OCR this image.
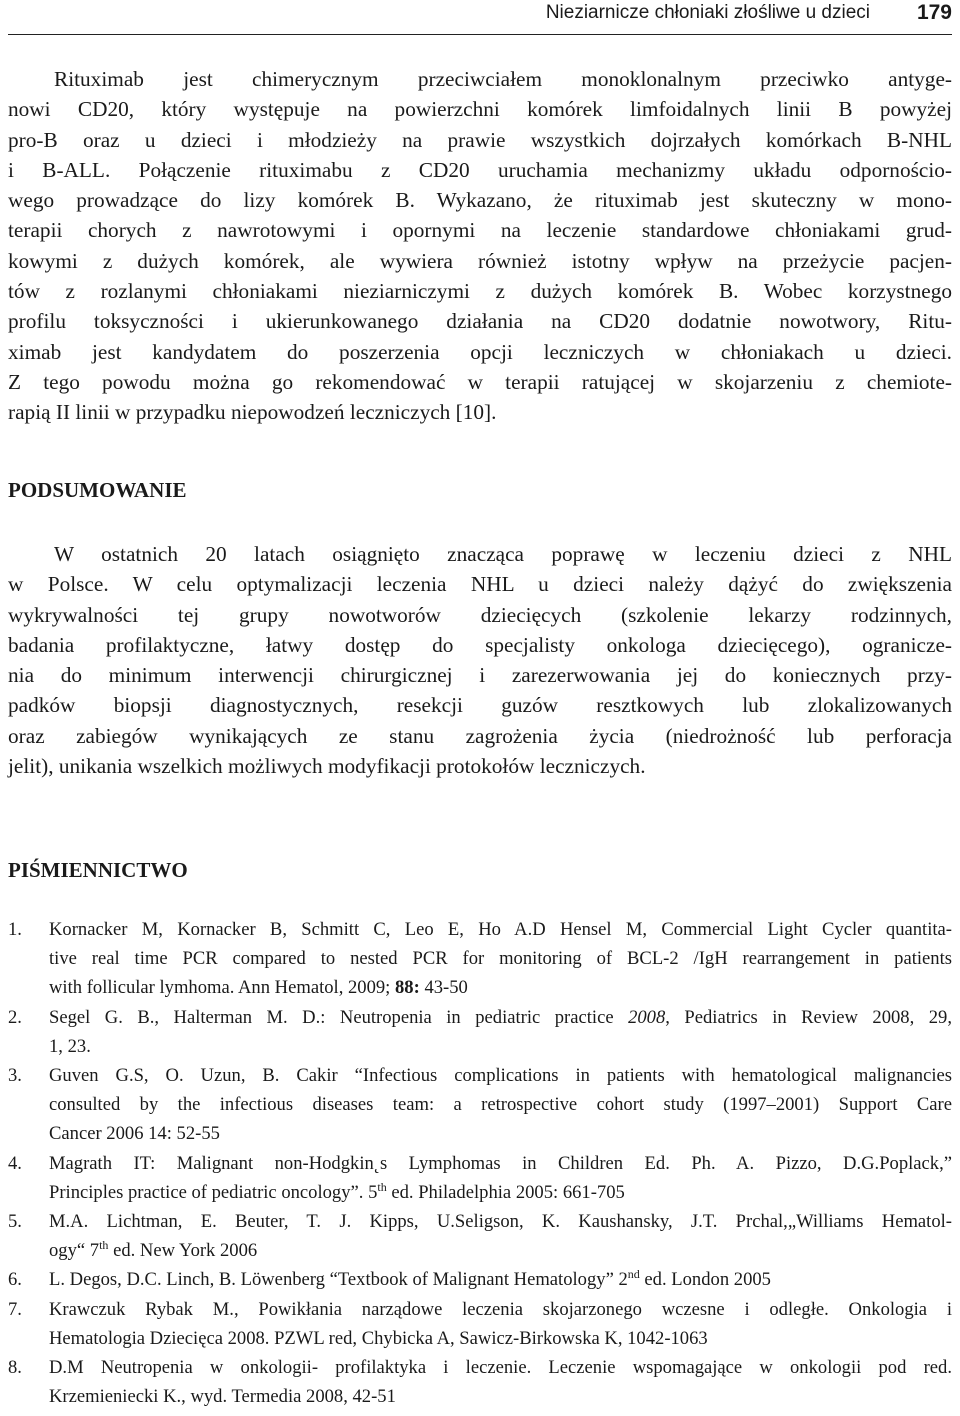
Nieziarnicze chłoniaki złośliwe u dzieci 179
Rituximab jest chimerycznym przeciwciałem monoklonalnym przeciwko antyge-
nowi CD20, który występuje na powierzchni komórek limfoidalnych linii B powyżej
pro-B oraz u dzieci i młodzieży na prawie wszystkich dojrzałych komórkach B-NHL
i B-ALL. Połączenie rituximabu z CD20 uruchamia mechanizmy układu odpornościo-
wego prowadzące do lizy komórek B. Wykazano, że rituximab jest skuteczny w mono-
terapii chorych z nawrotowymi i opornymi na leczenie standardowe chłoniakami grud-
kowymi z dużych komórek, ale wywiera również istotny wpływ na przeżycie pacjen-
tów z rozlanymi chłoniakami nieziarniczymi z dużych komórek B. Wobec korzystnego
profilu toksyczności i ukierunkowanego działania na CD20 dodatnie nowotwory, Ritu-
ximab jest kandydatem do poszerzenia opcji leczniczych w chłoniakach u dzieci.
Z tego powodu można go rekomendować w terapii ratującej w skojarzeniu z chemiote-
rapią II linii w przypadku niepowodzeń leczniczych [10].
PODSUMOWANIE
W ostatnich 20 latach osiągnięto znacząca poprawę w leczeniu dzieci z NHL
w Polsce. W celu optymalizacji leczenia NHL u dzieci należy dążyć do zwiększenia
wykrywalności tej grupy nowotworów dziecięcych (szkolenie lekarzy rodzinnych,
badania profilaktyczne, łatwy dostęp do specjalisty onkologa dziecięcego), ograniczе-
nia do minimum interwencji chirurgicznej i zarezerwowania jej do koniecznych przy-
padków biopsji diagnostycznych, resekcji guzów resztkowych lub zlokalizowanych
oraz zabiegów wynikających ze stanu zagrożenia życia (niedrożność lub perforacja
jelit), unikania wszelkich możliwych modyfikacji protokołów leczniczych.
PIŚMIENNICTWO
1. Kornacker M, Kornacker B, Schmitt C, Leo E, Ho A.D Hensel M, Commercial Light Cycler quantita-
tive real time PCR compared to nested PCR for monitoring of BCL-2 /IgH rearrangement in patients
with follicular lymhoma. Ann Hematol, 2009; 88: 43-50
2. Segel G. B., Halterman M. D.: Neutropenia in pediatric practice 2008, Pediatrics in Review 2008, 29,
1, 23.
3. Guven G.S, O. Uzun, B. Cakir “Infectious complications in patients with hematological malignancies
consulted by the infectious diseases team: a retrospective cohort study (1997–2001) Support Care
Cancer 2006 14: 52-55
4. Magrath IT: Malignant non-Hodgkin˛s Lymphomas in Children Ed. Ph. A. Pizzo, D.G.Poplack,”
Principles practice of pediatric oncology”. 5th ed. Philadelphia 2005: 661-705
5. M.A. Lichtman, E. Beuter, T. J. Kipps, U.Seligson, K. Kaushansky, J.T. Prchal,„Williams Hematol-
ogy“ 7th ed. New York 2006
6. L. Degos, D.C. Linch, B. Löwenberg “Textbook of Malignant Hematology” 2nd ed. London 2005
7. Krawczuk Rybak M., Powikłania narządowe leczenia skojarzonego wczesne i odległe. Onkologia i
Hematologia Dziecięca 2008. PZWL red, Chybicka A, Sawicz-Birkowska K, 1042-1063
8. D.M Neutropenia w onkologii- profilaktyka i leczenie. Leczenie wspomagające w onkologii pod red.
Krzemieniecki K., wyd. Termedia 2008, 42-51
